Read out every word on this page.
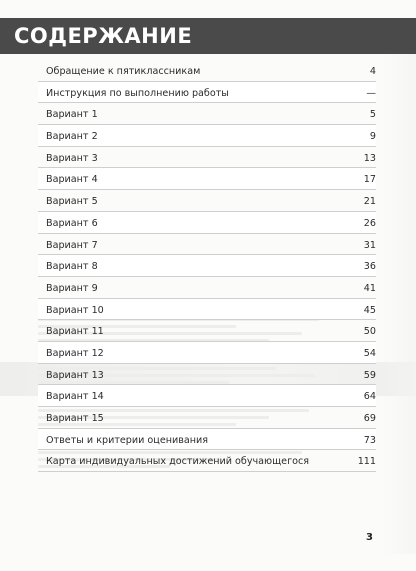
СОДЕРЖАНИЕ
Обращение к пятиклассникам	4
Инструкция по выполнению работы	—
Вариант 1	5
Вариант 2	9
Вариант 3	13
Вариант 4	17
Вариант 5	21
Вариант 6	26
Вариант 7	31
Вариант 8	36
Вариант 9	41
Вариант 10	45
Вариант 11	50
Вариант 12	54
Вариант 13	59
Вариант 14	64
Вариант 15	69
Ответы и критерии оценивания	73
Карта индивидуальных достижений обучающегося	111
3
